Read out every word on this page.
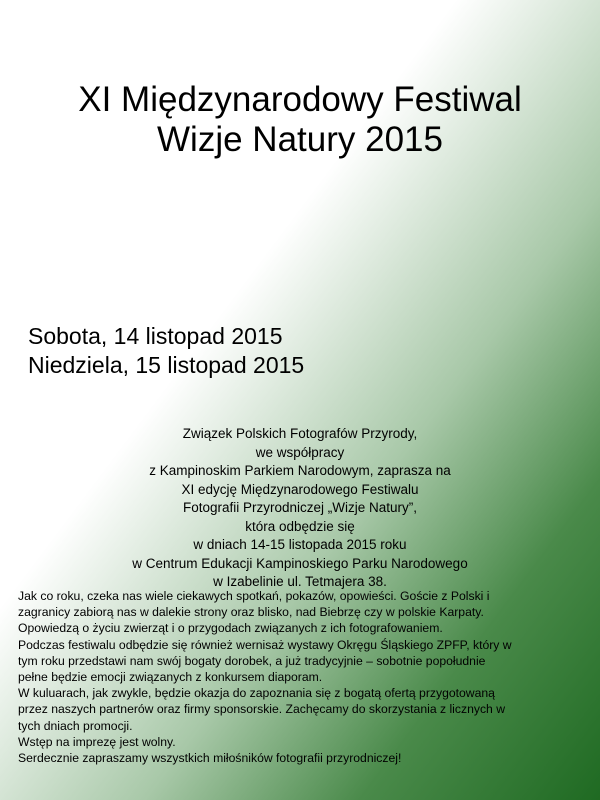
XI Międzynarodowy Festiwal
Wizje Natury 2015
Sobota, 14 listopad 2015
Niedziela, 15 listopad 2015
Związek Polskich Fotografów Przyrody,
we współpracy
z Kampinoskim Parkiem Narodowym, zaprasza na
XI edycję Międzynarodowego Festiwalu
Fotografii Przyrodniczej „Wizje Natury”,
która odbędzie się
w dniach 14-15 listopada 2015 roku
w Centrum Edukacji Kampinoskiego Parku Narodowego
w Izabelinie ul. Tetmajera 38.
Jak co roku, czeka nas wiele ciekawych spotkań, pokazów, opowieści. Goście z Polski i
zagranicy zabiorą nas w dalekie strony oraz blisko, nad Biebrzę czy w polskie Karpaty.
Opowiedzą o życiu zwierząt i o przygodach związanych z ich fotografowaniem.
Podczas festiwalu odbędzie się również wernisaż wystawy Okręgu Śląskiego ZPFP, który w
tym roku przedstawi nam swój bogaty dorobek, a już tradycyjnie – sobotnie popołudnie
pełne będzie emocji związanych z konkursem diaporam.
W kuluarach, jak zwykle, będzie okazja do zapoznania się z bogatą ofertą przygotowaną
przez naszych partnerów oraz firmy sponsorskie. Zachęcamy do skorzystania z licznych w
tych dniach promocji.
Wstęp na imprezę jest wolny.
Serdecznie zapraszamy wszystkich miłośników fotografii przyrodniczej!
